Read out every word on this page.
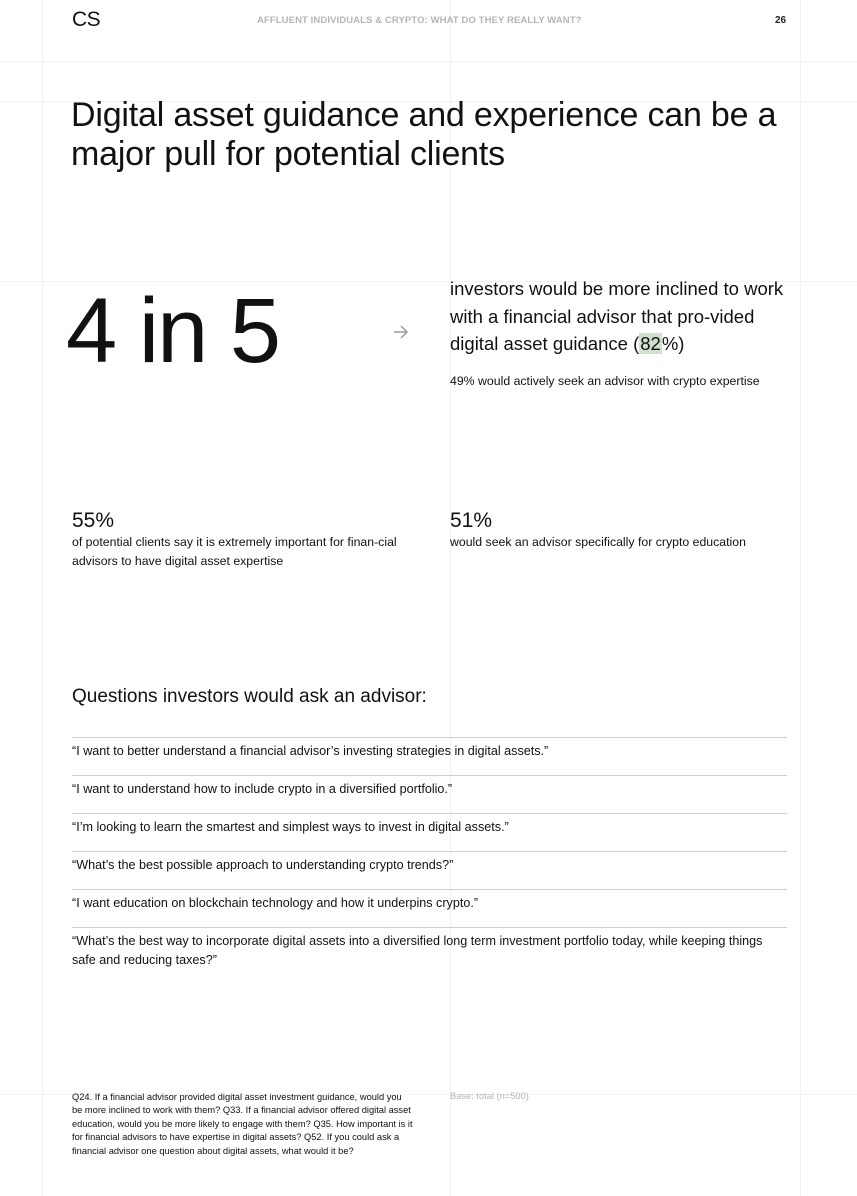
CS	AFFLUENT INDIVIDUALS & CRYPTO: WHAT DO THEY REALLY WANT?	26
Digital asset guidance and experience can be a major pull for potential clients
4 in 5	investors would be more inclined to work with a financial advisor that pro-vided digital asset guidance (82%)
49% would actively seek an advisor with crypto expertise
55%
of potential clients say it is extremely important for finan-cial advisors to have digital asset expertise
51%
would seek an advisor specifically for crypto education
Questions investors would ask an advisor:
“I want to better understand a financial advisor’s investing strategies in digital assets.”
“I want to understand how to include crypto in a diversified portfolio.”
“I’m looking to learn the smartest and simplest ways to invest in digital assets.”
“What’s the best possible approach to understanding crypto trends?”
“I want education on blockchain technology and how it underpins crypto.”
“What’s the best way to incorporate digital assets into a diversified long term investment portfolio today, while keeping things safe and reducing taxes?”
Q24. If a financial advisor provided digital asset investment guidance, would you be more inclined to work with them? Q33. If a financial advisor offered digital asset education, would you be more likely to engage with them? Q35. How important is it for financial advisors to have expertise in digital assets? Q52. If you could ask a financial advisor one question about digital assets, what would it be?
Base: total (n=500)
